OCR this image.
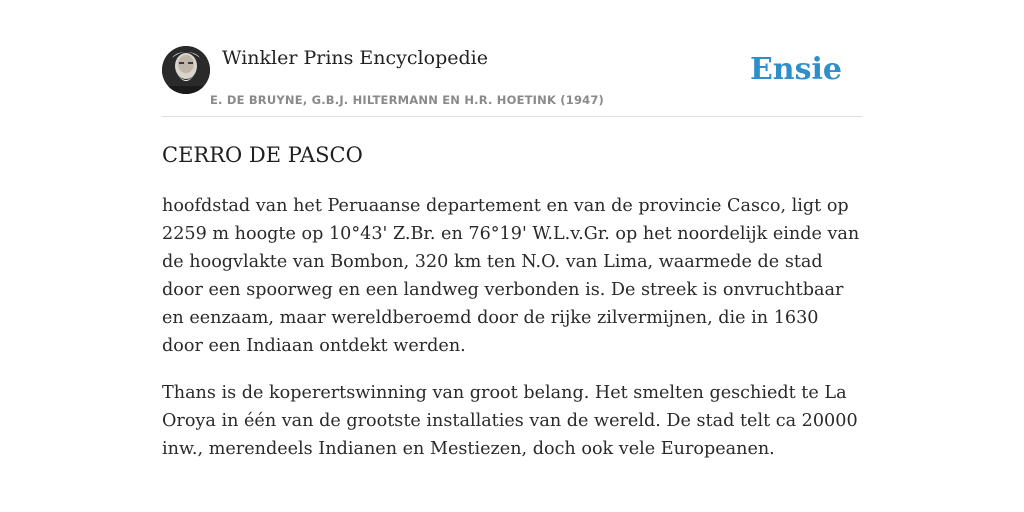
Winkler Prins Encyclopedie
E. DE BRUYNE, G.B.J. HILTERMANN EN H.R. HOETINK (1947)
Ensie
CERRO DE PASCO

hoofdstad van het Peruaanse departement en van de provincie Casco, ligt op 2259 m hoogte op 10°43' Z.Br. en 76°19' W.L.v.Gr. op het noordelijk einde van de hoogvlakte van Bombon, 320 km ten N.O. van Lima, waarmede de stad door een spoorweg en een landweg verbonden is. De streek is onvruchtbaar en eenzaam, maar wereldberoemd door de rijke zilvermijnen, die in 1630 door een Indiaan ontdekt werden.

Thans is de koperertswinning van groot belang. Het smelten geschiedt te La Oroya in één van de grootste installaties van de wereld. De stad telt ca 20000 inw., merendeels Indianen en Mestiezen, doch ook vele Europeanen.
